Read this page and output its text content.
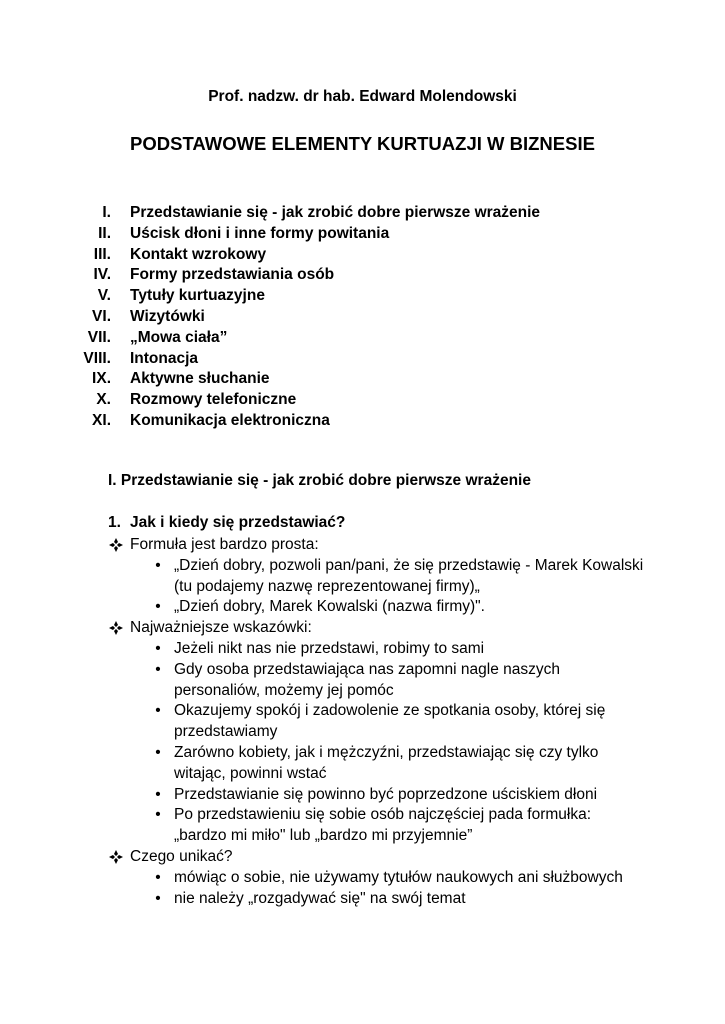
Prof. nadzw. dr hab. Edward Molendowski
PODSTAWOWE ELEMENTY KURTUAZJI W BIZNESIE
I. Przedstawianie się - jak zrobić dobre pierwsze wrażenie
II. Uścisk dłoni i inne formy powitania
III. Kontakt wzrokowy
IV. Formy przedstawiania osób
V. Tytuły kurtuazyjne
VI. Wizytówki
VII. „Mowa ciała”
VIII. Intonacja
IX. Aktywne słuchanie
X. Rozmowy telefoniczne
XI. Komunikacja elektroniczna
I. Przedstawianie się - jak zrobić dobre pierwsze wrażenie
1. Jak i kiedy się przedstawiać?
Formuła jest bardzo prosta:
• „Dzień dobry, pozwoli pan/pani, że się przedstawię - Marek Kowalski (tu podajemy nazwę reprezentowanej firmy)„
• „Dzień dobry, Marek Kowalski (nazwa firmy)".
Najważniejsze wskazówki:
• Jeżeli nikt nas nie przedstawi, robimy to sami
• Gdy osoba przedstawiająca nas zapomni nagle naszych personaliów, możemy jej pomóc
• Okazujemy spokój i zadowolenie ze spotkania osoby, której się przedstawiamy
• Zarówno kobiety, jak i mężczyźni, przedstawiając się czy tylko witając, powinni wstać
• Przedstawianie się powinno być poprzedzone uściskiem dłoni
• Po przedstawieniu się sobie osób najczęściej pada formułka: „bardzo mi miło" lub „bardzo mi przyjemnie”
Czego unikać?
• mówiąc o sobie, nie używamy tytułów naukowych ani służbowych
• nie należy „rozgadywać się" na swój temat
